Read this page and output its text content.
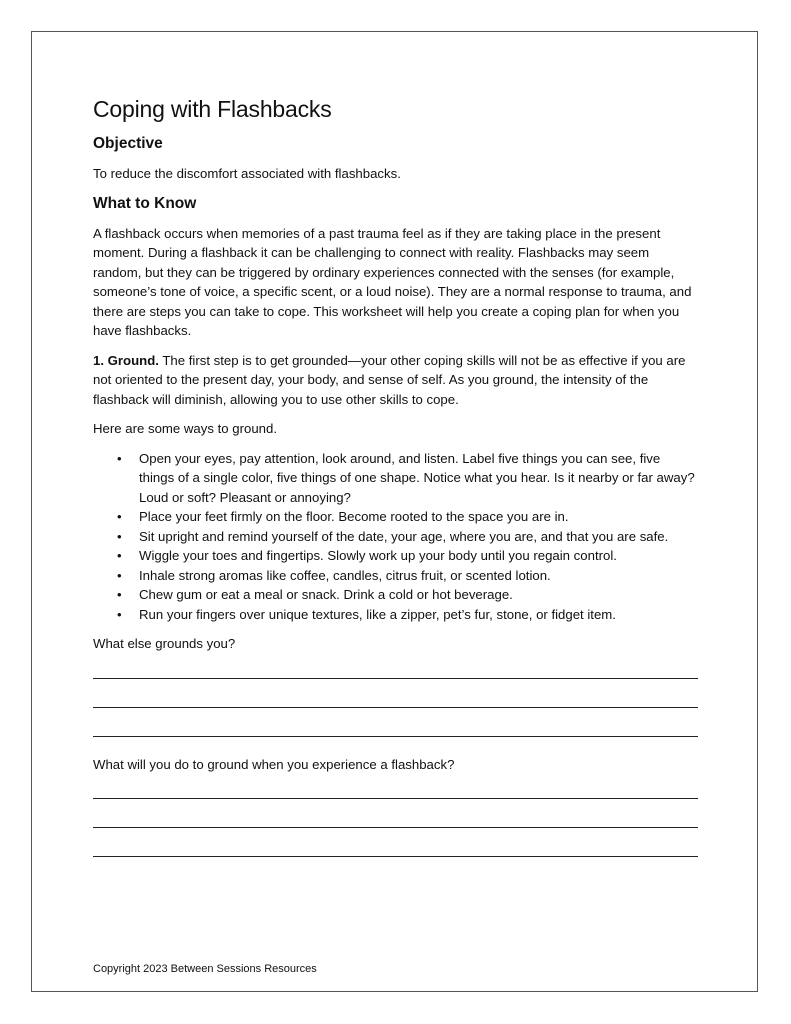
Coping with Flashbacks
Objective

To reduce the discomfort associated with flashbacks.

What to Know

A flashback occurs when memories of a past trauma feel as if they are taking place in the present moment. During a flashback it can be challenging to connect with reality. Flashbacks may seem random, but they can be triggered by ordinary experiences connected with the senses (for example, someone’s tone of voice, a specific scent, or a loud noise). They are a normal response to trauma, and there are steps you can take to cope. This worksheet will help you create a coping plan for when you have flashbacks.

1. Ground. The first step is to get grounded—your other coping skills will not be as effective if you are not oriented to the present day, your body, and sense of self. As you ground, the intensity of the flashback will diminish, allowing you to use other skills to cope.

Here are some ways to ground.

• Open your eyes, pay attention, look around, and listen. Label five things you can see, five things of a single color, five things of one shape. Notice what you hear. Is it nearby or far away? Loud or soft? Pleasant or annoying?
• Place your feet firmly on the floor. Become rooted to the space you are in.
• Sit upright and remind yourself of the date, your age, where you are, and that you are safe.
• Wiggle your toes and fingertips. Slowly work up your body until you regain control.
• Inhale strong aromas like coffee, candles, citrus fruit, or scented lotion.
• Chew gum or eat a meal or snack. Drink a cold or hot beverage.
• Run your fingers over unique textures, like a zipper, pet’s fur, stone, or fidget item.

What else grounds you?

What will you do to ground when you experience a flashback?

Copyright 2023 Between Sessions Resources
